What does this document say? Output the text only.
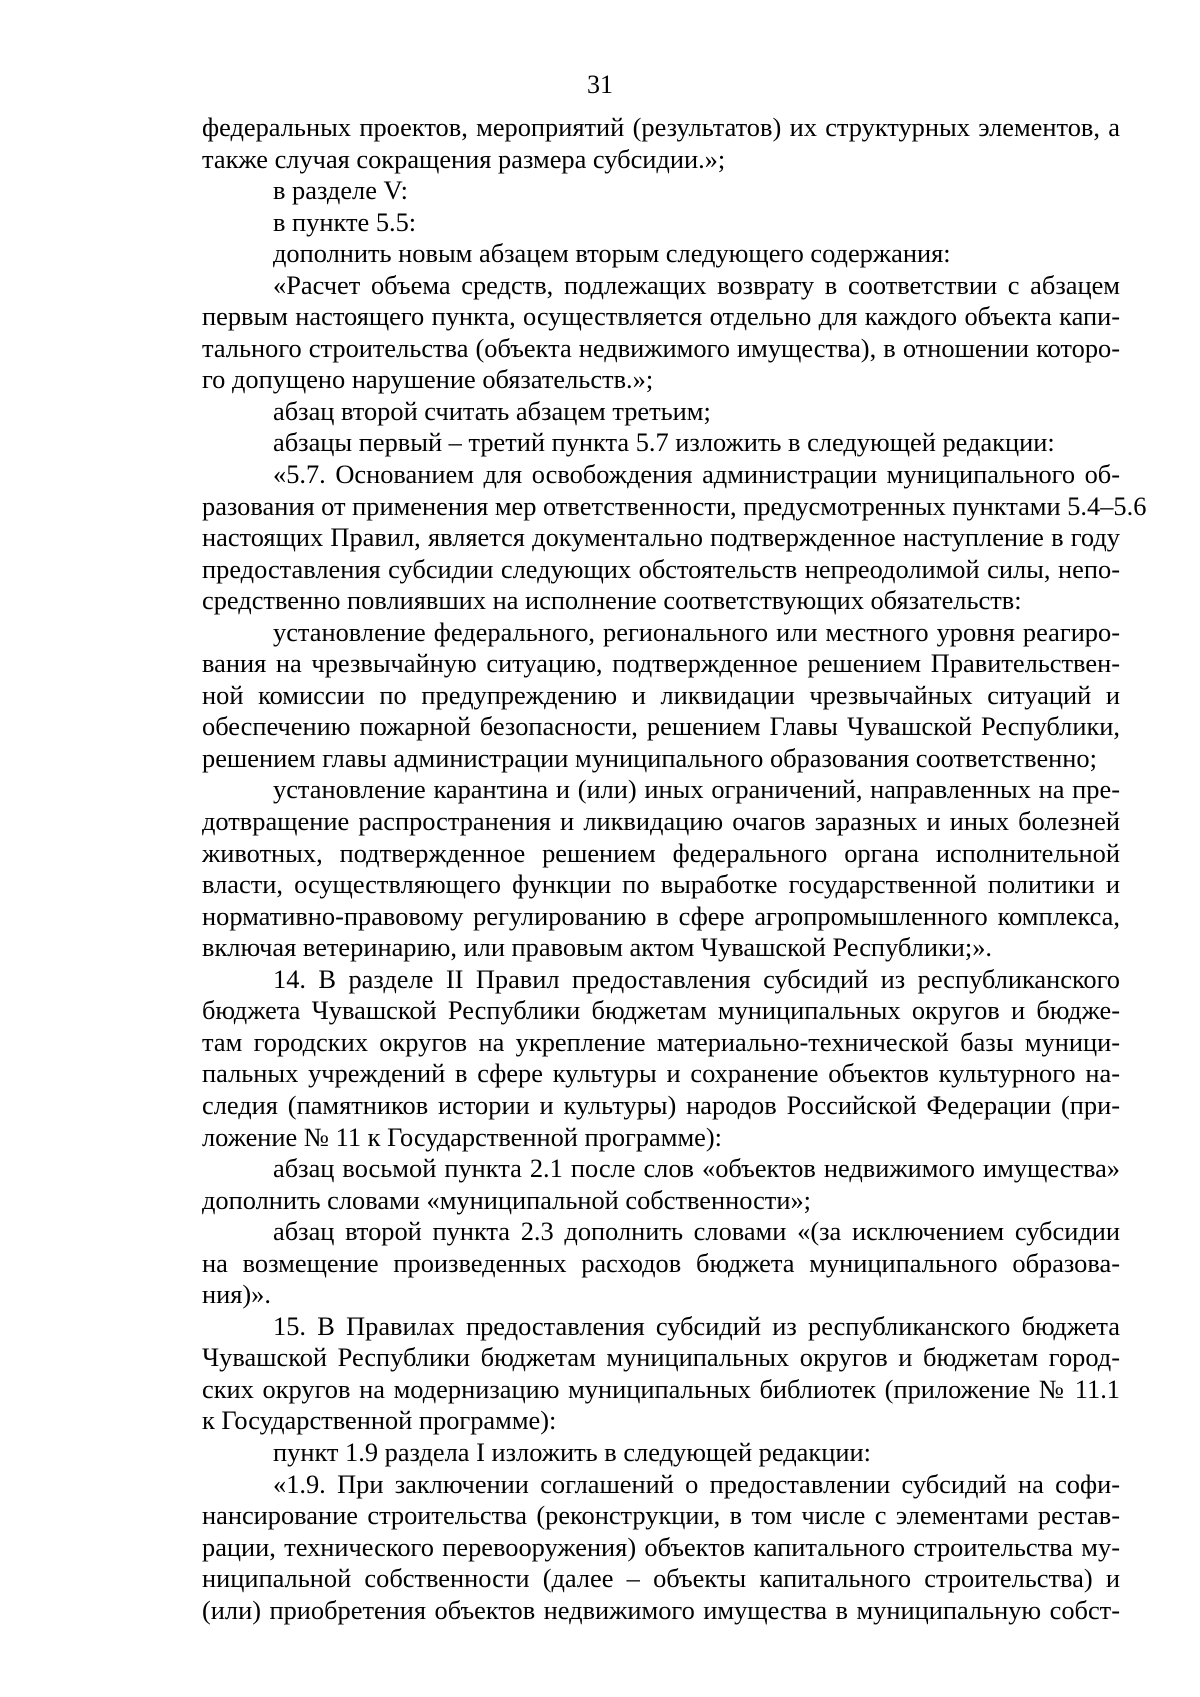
31

федеральных проектов, мероприятий (результатов) их структурных элементов, а
также случая сокращения размера субсидии.»;

в разделе V:

в пункте 5.5:

дополнить новым абзацем вторым следующего содержания:

«Расчет объема средств, подлежащих возврату в соответствии с абзацем
первым настоящего пункта, осуществляется отдельно для каждого объекта капи-
тального строительства (объекта недвижимого имущества), в отношении которо-
го допущено нарушение обязательств.»;

абзац второй считать абзацем третьим;

абзацы первый – третий пункта 5.7 изложить в следующей редакции:

«5.7. Основанием для освобождения администрации муниципального об-
разования от применения мер ответственности, предусмотренных пунктами 5.4–5.6
настоящих Правил, является документально подтвержденное наступление в году
предоставления субсидии следующих обстоятельств непреодолимой силы, непо-
средственно повлиявших на исполнение соответствующих обязательств:

установление федерального, регионального или местного уровня реагиро-
вания на чрезвычайную ситуацию, подтвержденное решением Правительствен-
ной комиссии по предупреждению и ликвидации чрезвычайных ситуаций и
обеспечению пожарной безопасности, решением Главы Чувашской Республики,
решением главы администрации муниципального образования соответственно;

установление карантина и (или) иных ограничений, направленных на пре-
дотвращение распространения и ликвидацию очагов заразных и иных болезней
животных, подтвержденное решением федерального органа исполнительной
власти, осуществляющего функции по выработке государственной политики и
нормативно-правовому регулированию в сфере агропромышленного комплекса,
включая ветеринарию, или правовым актом Чувашской Республики;».

14. В разделе II Правил предоставления субсидий из республиканского
бюджета Чувашской Республики бюджетам муниципальных округов и бюдже-
там городских округов на укрепление материально-технической базы муници-
пальных учреждений в сфере культуры и сохранение объектов культурного на-
следия (памятников истории и культуры) народов Российской Федерации (при-
ложение № 11 к Государственной программе):

абзац восьмой пункта 2.1 после слов «объектов недвижимого имущества»
дополнить словами «муниципальной собственности»;

абзац второй пункта 2.3 дополнить словами «(за исключением субсидии
на возмещение произведенных расходов бюджета муниципального образова-
ния)».

15. В Правилах предоставления субсидий из республиканского бюджета
Чувашской Республики бюджетам муниципальных округов и бюджетам город-
ских округов на модернизацию муниципальных библиотек (приложение № 11.1
к Государственной программе):

пункт 1.9 раздела I изложить в следующей редакции:

«1.9. При заключении соглашений о предоставлении субсидий на софи-
нансирование строительства (реконструкции, в том числе с элементами рестав-
рации, технического перевооружения) объектов капитального строительства му-
ниципальной собственности (далее – объекты капитального строительства) и
(или) приобретения объектов недвижимого имущества в муниципальную собст-
